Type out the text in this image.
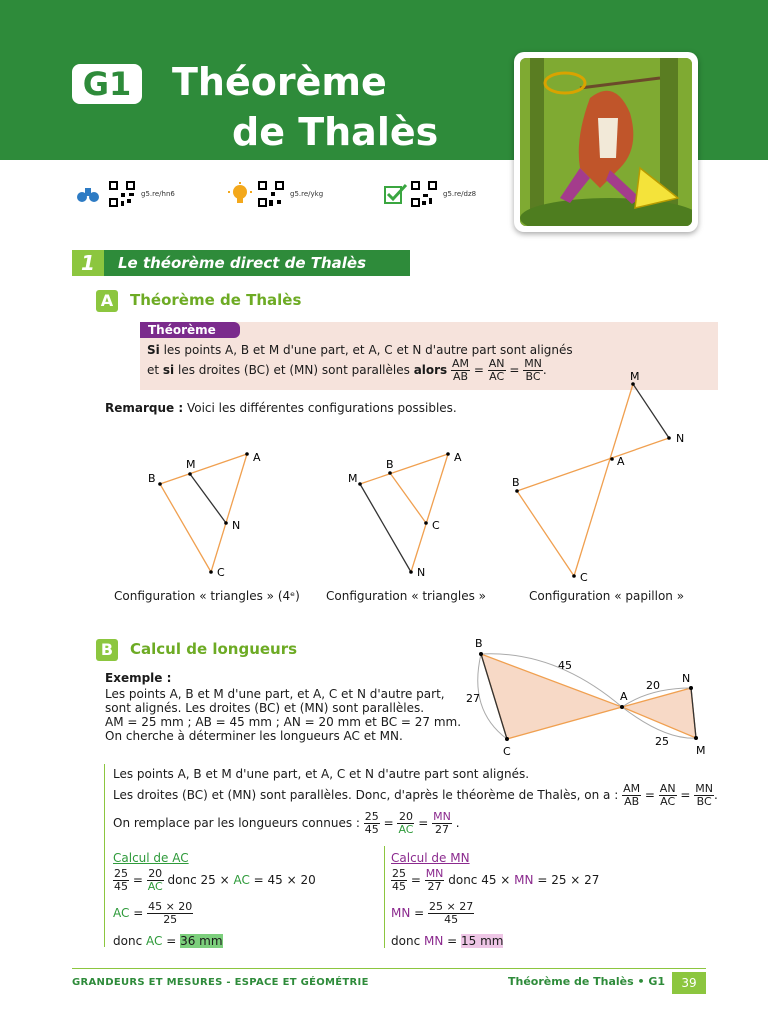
G1 Théorème
de Thalès
g5.re/hn6	g5.re/ykg	g5.re/dz8
1	Le théorème direct de Thalès
A	Théorème de Thalès
Théorème
Si les points A, B et M d'une part, et A, C et N d'autre part sont alignés
et si les droites (BC) et (MN) sont parallèles alors $\frac{AM}{AB} = \frac{AN}{AC} = \frac{MN}{BC}$ .
Remarque : Voici les différentes configurations possibles.
B
M
A
N
C
M
B
A
C
N
M
N
A
B
C
Configuration « triangles » (4ᵉ) Configuration « triangles »	Configuration « papillon »
B	Calcul de longueurs
Exemple :
Les points A, B et M d'une part, et A, C et N d'autre part,
sont alignés. Les droites (BC) et (MN) sont parallèles.
AM = 25 mm ; AB = 45 mm ; AN = 20 mm et BC = 27 mm.
On cherche à déterminer les longueurs AC et MN.
B
A
C
N
M
45
27
20
25
Les points A, B et M d'une part, et A, C et N d'autre part sont alignés.
Les droites (BC) et (MN) sont parallèles. Donc, d'après le théorème de Thalès, on a : $\frac{AM}{AB} = \frac{AN}{AC} = \frac{MN}{BC}$ .
On remplace par les longueurs connues : $\frac{25}{45} = \frac{20}{AC} = \frac{MN}{27}$ .
Calcul de AC
$\frac{25}{45} = \frac{20}{AC}$ donc 25 × AC = 45 × 20
AC = $\frac{45 \times 20}{25}$
donc AC = 36 mm
Calcul de MN
$\frac{25}{45} = \frac{MN}{27}$ donc 45 × MN = 25 × 27
MN = $\frac{25 \times 27}{45}$
donc MN = 15 mm
GRANDEURS ET MESURES - ESPACE ET GÉOMÉTRIE	Théorème de Thalès • G1	39
